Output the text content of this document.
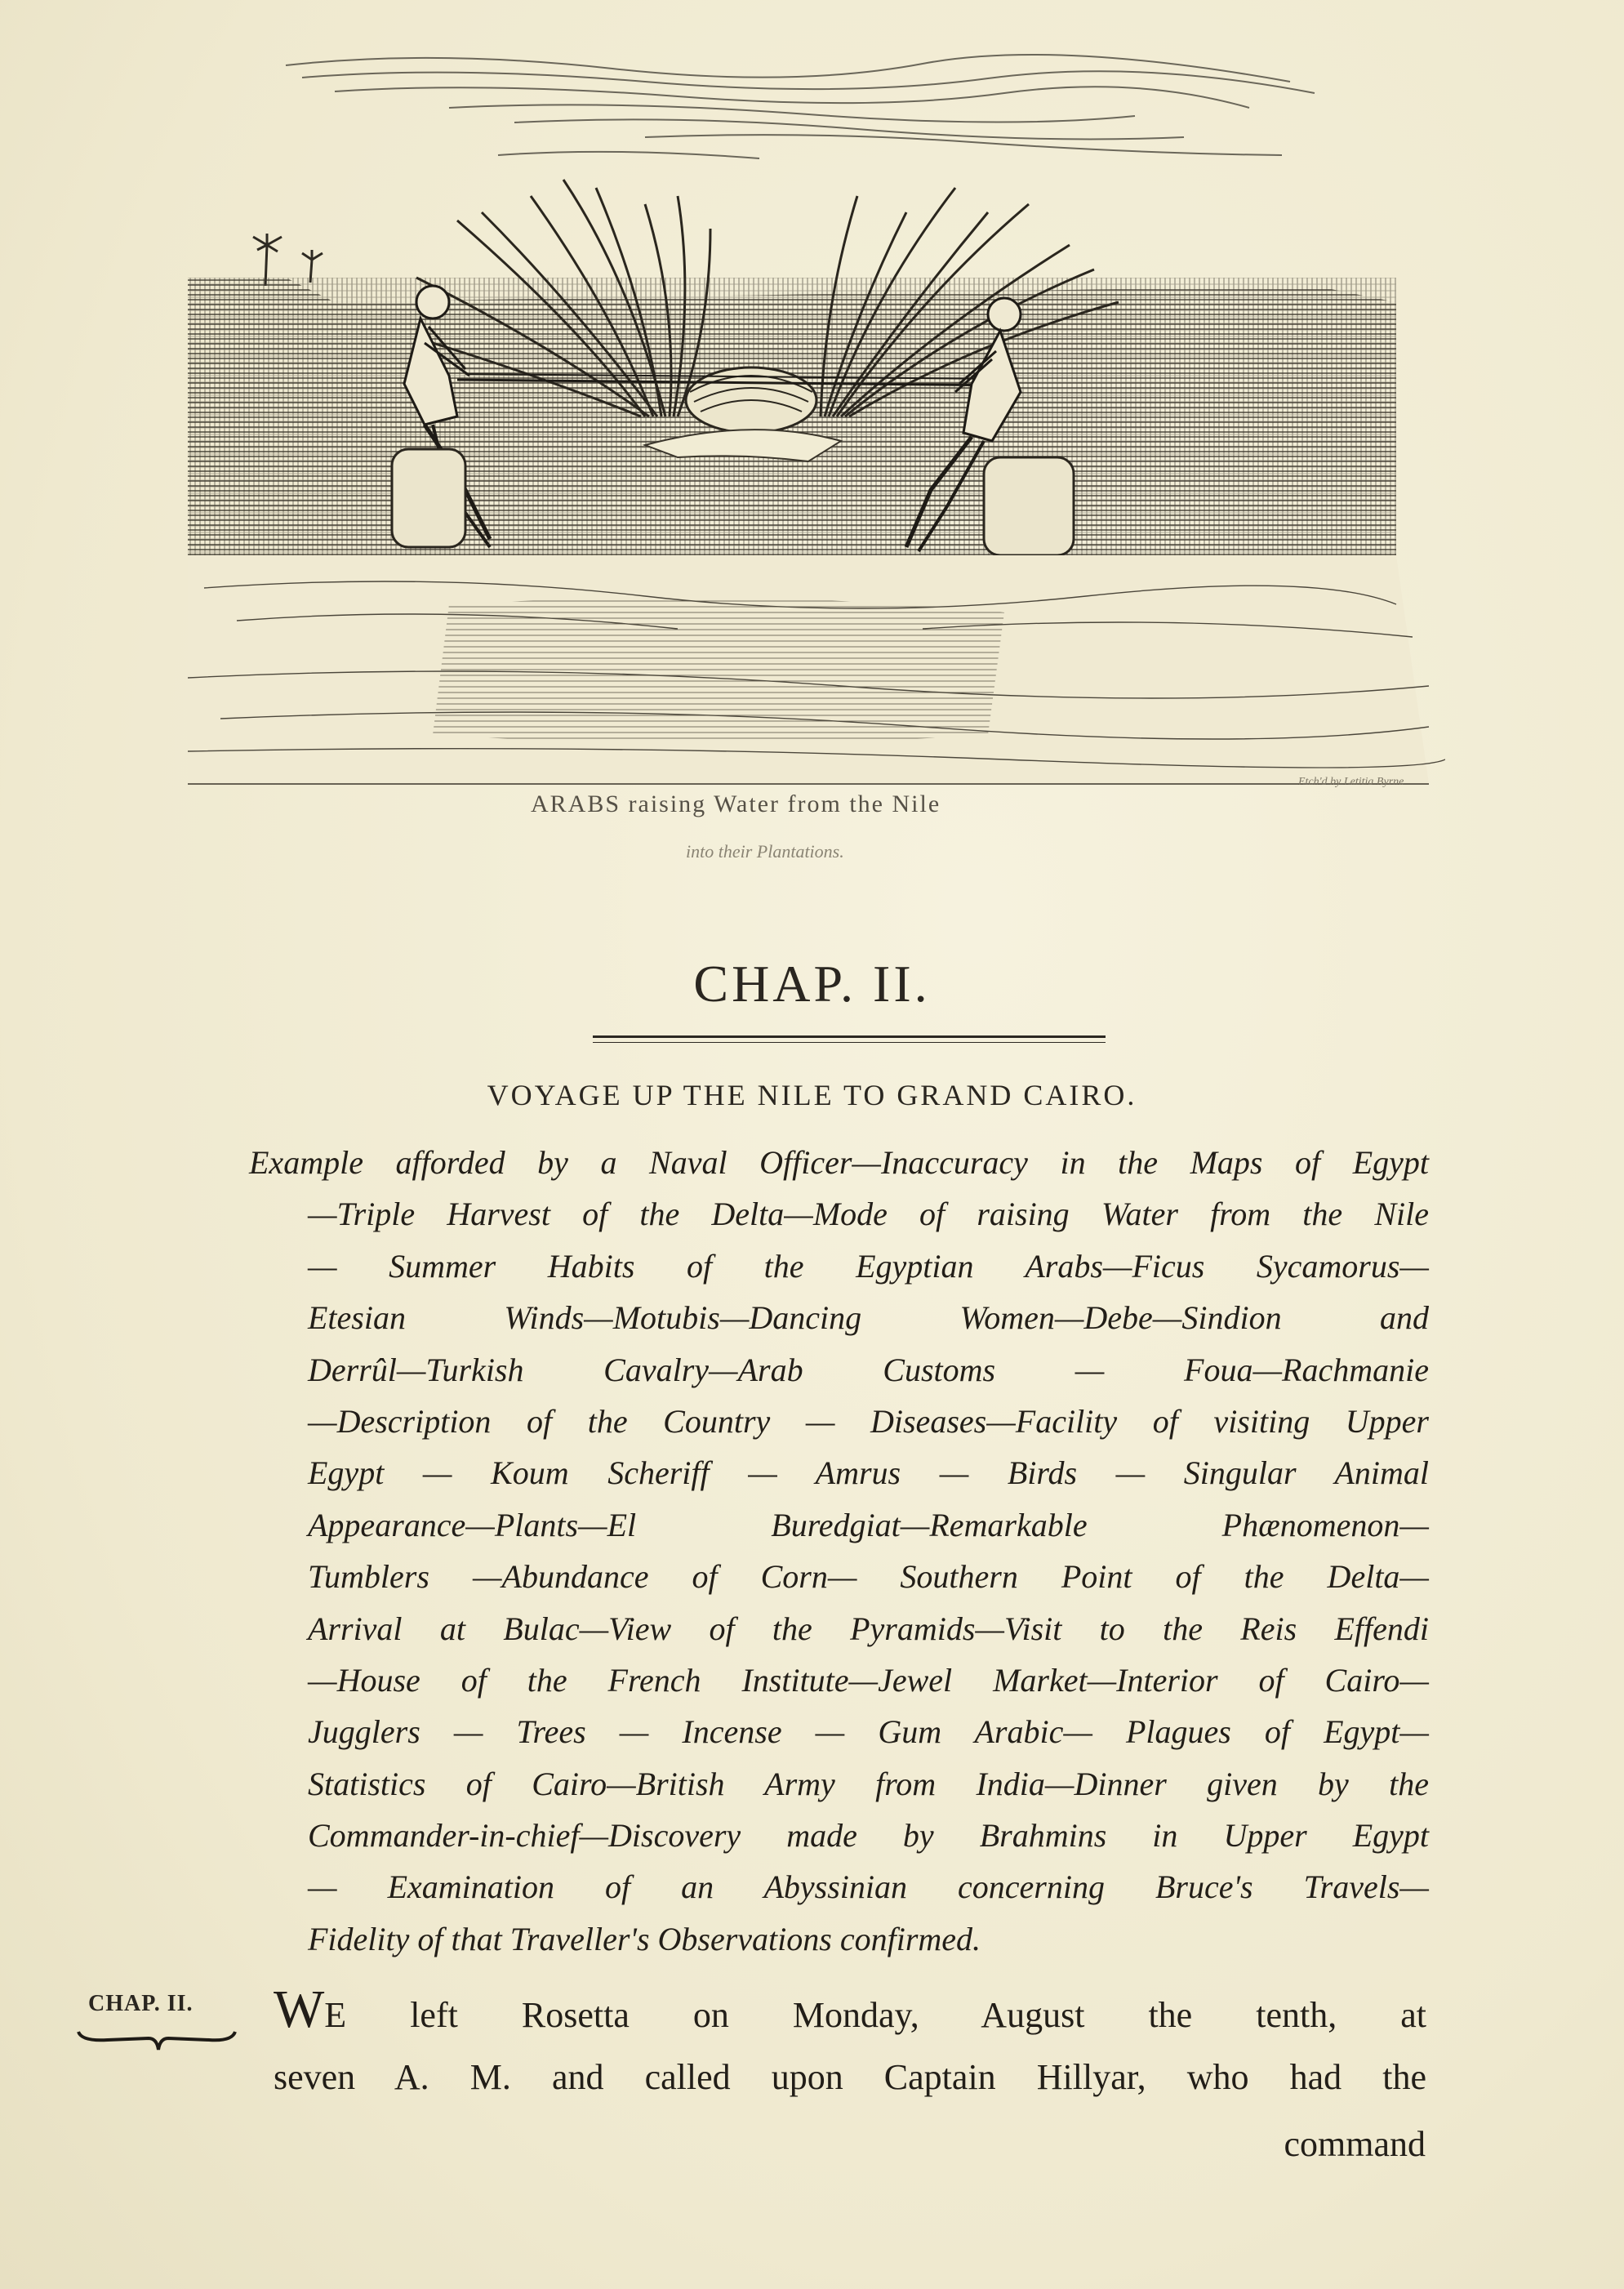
ARABS raising Water from the Nile
into their Plantations.
Etch'd by Letitia Byrne
CHAP. II.
VOYAGE UP THE NILE TO GRAND CAIRO.
Example afforded by a Naval Officer—Inaccuracy in the Maps of Egypt
—Triple Harvest of the Delta—Mode of raising Water from the Nile
— Summer Habits of the Egyptian Arabs—Ficus Sycamorus—
Etesian Winds—Motubis—Dancing Women—Debe—Sindion and
Derrûl—Turkish Cavalry—Arab Customs — Foua—Rachmanie
—Description of the Country — Diseases—Facility of visiting Upper
Egypt — Koum Scheriff — Amrus — Birds — Singular Animal
Appearance—Plants—El Buredgiat—Remarkable Phænomenon—
Tumblers —Abundance of Corn— Southern Point of the Delta—
Arrival at Bulac—View of the Pyramids—Visit to the Reis Effendi
—House of the French Institute—Jewel Market—Interior of Cairo—
Jugglers — Trees — Incense — Gum Arabic— Plagues of Egypt—
Statistics of Cairo—British Army from India—Dinner given by the
Commander-in-chief—Discovery made by Brahmins in Upper Egypt
— Examination of an Abyssinian concerning Bruce's Travels—
Fidelity of that Traveller's Observations confirmed.
CHAP. II. WE left Rosetta on Monday, August the tenth, at
seven A. M. and called upon Captain Hillyar, who had the
command
